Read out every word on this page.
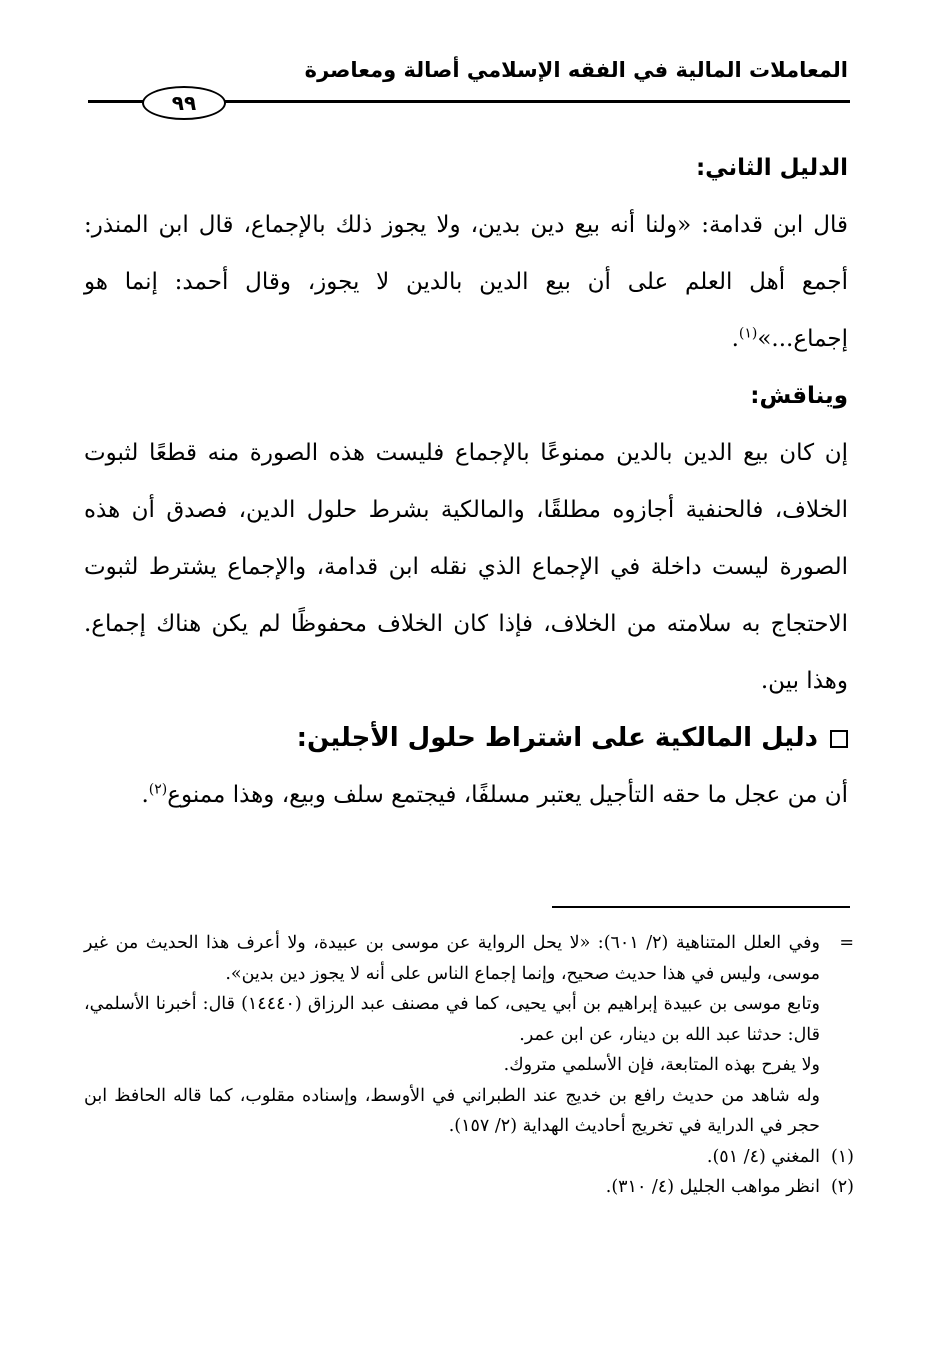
المعاملات المالية في الفقه الإسلامي أصالة ومعاصرة
٩٩

الدليل الثاني:

قال ابن قدامة: «ولنا أنه بيع دين بدين، ولا يجوز ذلك بالإجماع، قال ابن المنذر: أجمع أهل العلم على أن بيع الدين بالدين لا يجوز، وقال أحمد: إنما هو إجماع...»$^{(١)}$.

ويناقش:

إن كان بيع الدين بالدين ممنوعًا بالإجماع فليست هذه الصورة منه قطعًا لثبوت الخلاف، فالحنفية أجازوه مطلقًا، والمالكية بشرط حلول الدين، فصدق أن هذه الصورة ليست داخلة في الإجماع الذي نقله ابن قدامة، والإجماع يشترط لثبوت الاحتجاج به سلامته من الخلاف، فإذا كان الخلاف محفوظًا لم يكن هناك إجماع. وهذا بين.

دليل المالكية على اشتراط حلول الأجلين:

أن من عجل ما حقه التأجيل يعتبر مسلفًا، فيجتمع سلف وبيع، وهذا ممنوع$^{(٢)}$.

=
وفي العلل المتناهية (٢/ ٦٠١): «لا يحل الرواية عن موسى بن عبيدة، ولا أعرف هذا الحديث من غير موسى، وليس في هذا حديث صحيح، وإنما إجماع الناس على أنه لا يجوز دين بدين».

وتابع موسى بن عبيدة إبراهيم بن أبي يحيى، كما في مصنف عبد الرزاق (١٤٤٤٠) قال: أخبرنا الأسلمي، قال: حدثنا عبد الله بن دينار، عن ابن عمر.

ولا يفرح بهذه المتابعة، فإن الأسلمي متروك.

وله شاهد من حديث رافع بن خديج عند الطبراني في الأوسط، وإسناده مقلوب، كما قاله الحافظ ابن حجر في الدراية في تخريج أحاديث الهداية (٢/ ١٥٧).

(١)
المغني (٤/ ٥١).

(٢)
انظر مواهب الجليل (٤/ ٣١٠).
